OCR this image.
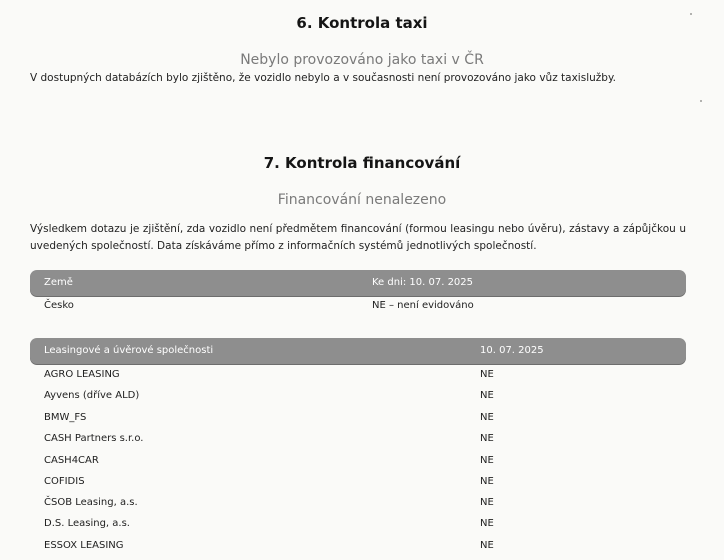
6. Kontrola taxi
Nebylo provozováno jako taxi v ČR
V dostupných databázích bylo zjištěno, že vozidlo nebylo a v současnosti není provozováno jako vůz taxislužby.
7. Kontrola financování
Financování nenalezeno
Výsledkem dotazu je zjištění, zda vozidlo není předmětem financování (formou leasingu nebo úvěru), zástavy a zápůjčkou u uvedených společností. Data získáváme přímo z informačních systémů jednotlivých společností.
Země	Ke dni: 10. 07. 2025
Česko	NE – není evidováno
Leasingové a úvěrové společnosti	10. 07. 2025
AGRO LEASING	NE
Ayvens (dříve ALD)	NE
BMW_FS	NE
CASH Partners s.r.o.	NE
CASH4CAR	NE
COFIDIS	NE
ČSOB Leasing, a.s.	NE
D.S. Leasing, a.s.	NE
ESSOX LEASING	NE
